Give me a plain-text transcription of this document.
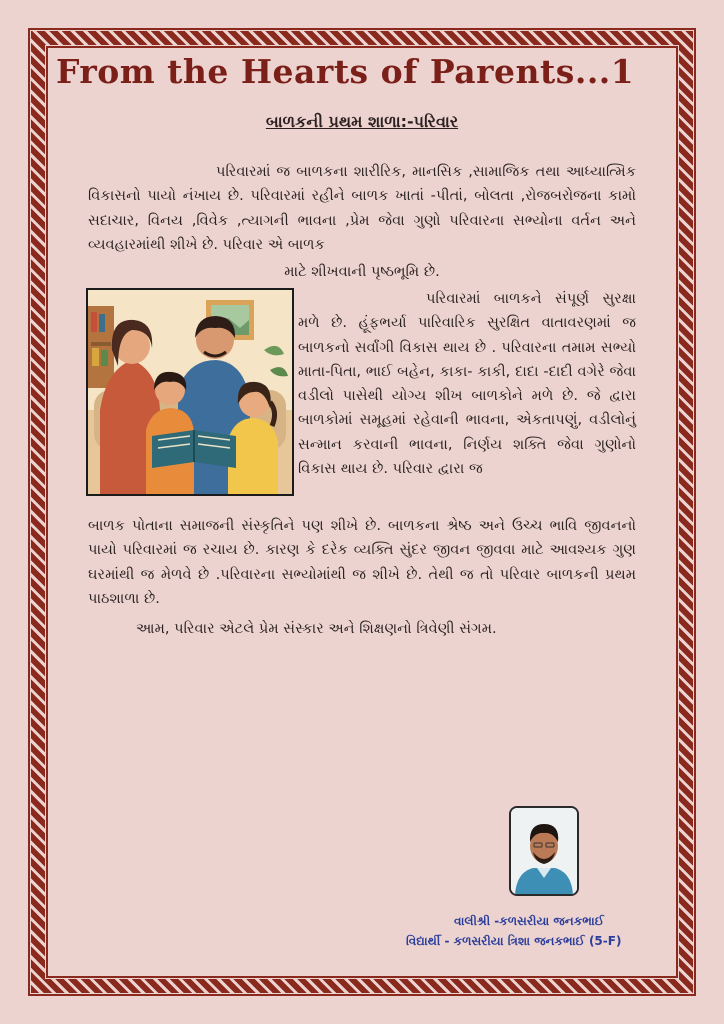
From the Hearts of Parents...1
બાળકની પ્રથમ શાળા:-પરિવાર
પરિવારમાં જ બાળકના શારીરિક, માનસિક ,સામાજિક તથા આધ્યાત્મિક વિકાસનો પાયો નંખાય છે. પરિવારમાં રહીને બાળક ખાતાં -પીતાં, બોલતા ,રોજબરોજના કામો સદાચાર, વિનય ,વિવેક ,ત્યાગની ભાવના ,પ્રેમ જેવા ગુણો પરિવારના સભ્યોના વર્તન અને વ્યવહારમાંથી શીખે છે. પરિવાર એ બાળક
માટે શીખવાની પૃષ્ઠભૂમિ છે.
પરિવારમાં બાળકને સંપૂર્ણ સુરક્ષા મળે છે. હૂંફભર્યા પારિવારિક સુરક્ષિત વાતાવરણમાં જ બાળકનો સર્વાંગી વિકાસ થાય છે . પરિવારના તમામ સભ્યો માતા-પિતા, ભાઈ બહેન, કાકા- કાકી, દાદા -દાદી વગેરે જેવા વડીલો પાસેથી યોગ્ય શીખ બાળકોને મળે છે. જે દ્વારા બાળકોમાં સમૂહમાં રહેવાની ભાવના, એકતાપણું, વડીલોનું સન્માન કરવાની ભાવના, નિર્ણય શક્તિ જેવા ગુણોનો વિકાસ થાય છે. પરિવાર દ્વારા જ
બાળક પોતાના સમાજની સંસ્કૃતિને પણ શીખે છે. બાળકના શ્રેષ્ઠ અને ઉચ્ચ ભાવિ જીવનનો પાયો પરિવારમાં જ રચાય છે. કારણ કે દરેક વ્યક્તિ સુંદર જીવન જીવવા માટે આવશ્યક ગુણ ઘરમાંથી જ મેળવે છે .પરિવારના સભ્યોમાંથી જ શીખે છે. તેથી જ તો પરિવાર બાળકની પ્રથમ પાઠશાળા છે.
આમ, પરિવાર એટલે પ્રેમ સંસ્કાર અને શિક્ષણનો ત્રિવેણી સંગમ.
વાલીશ્રી -કળસરીયા જનકભાઈ
વિદ્યાર્થી - કળસરીયા ત્રિશા જનકભાઈ (5-F)
